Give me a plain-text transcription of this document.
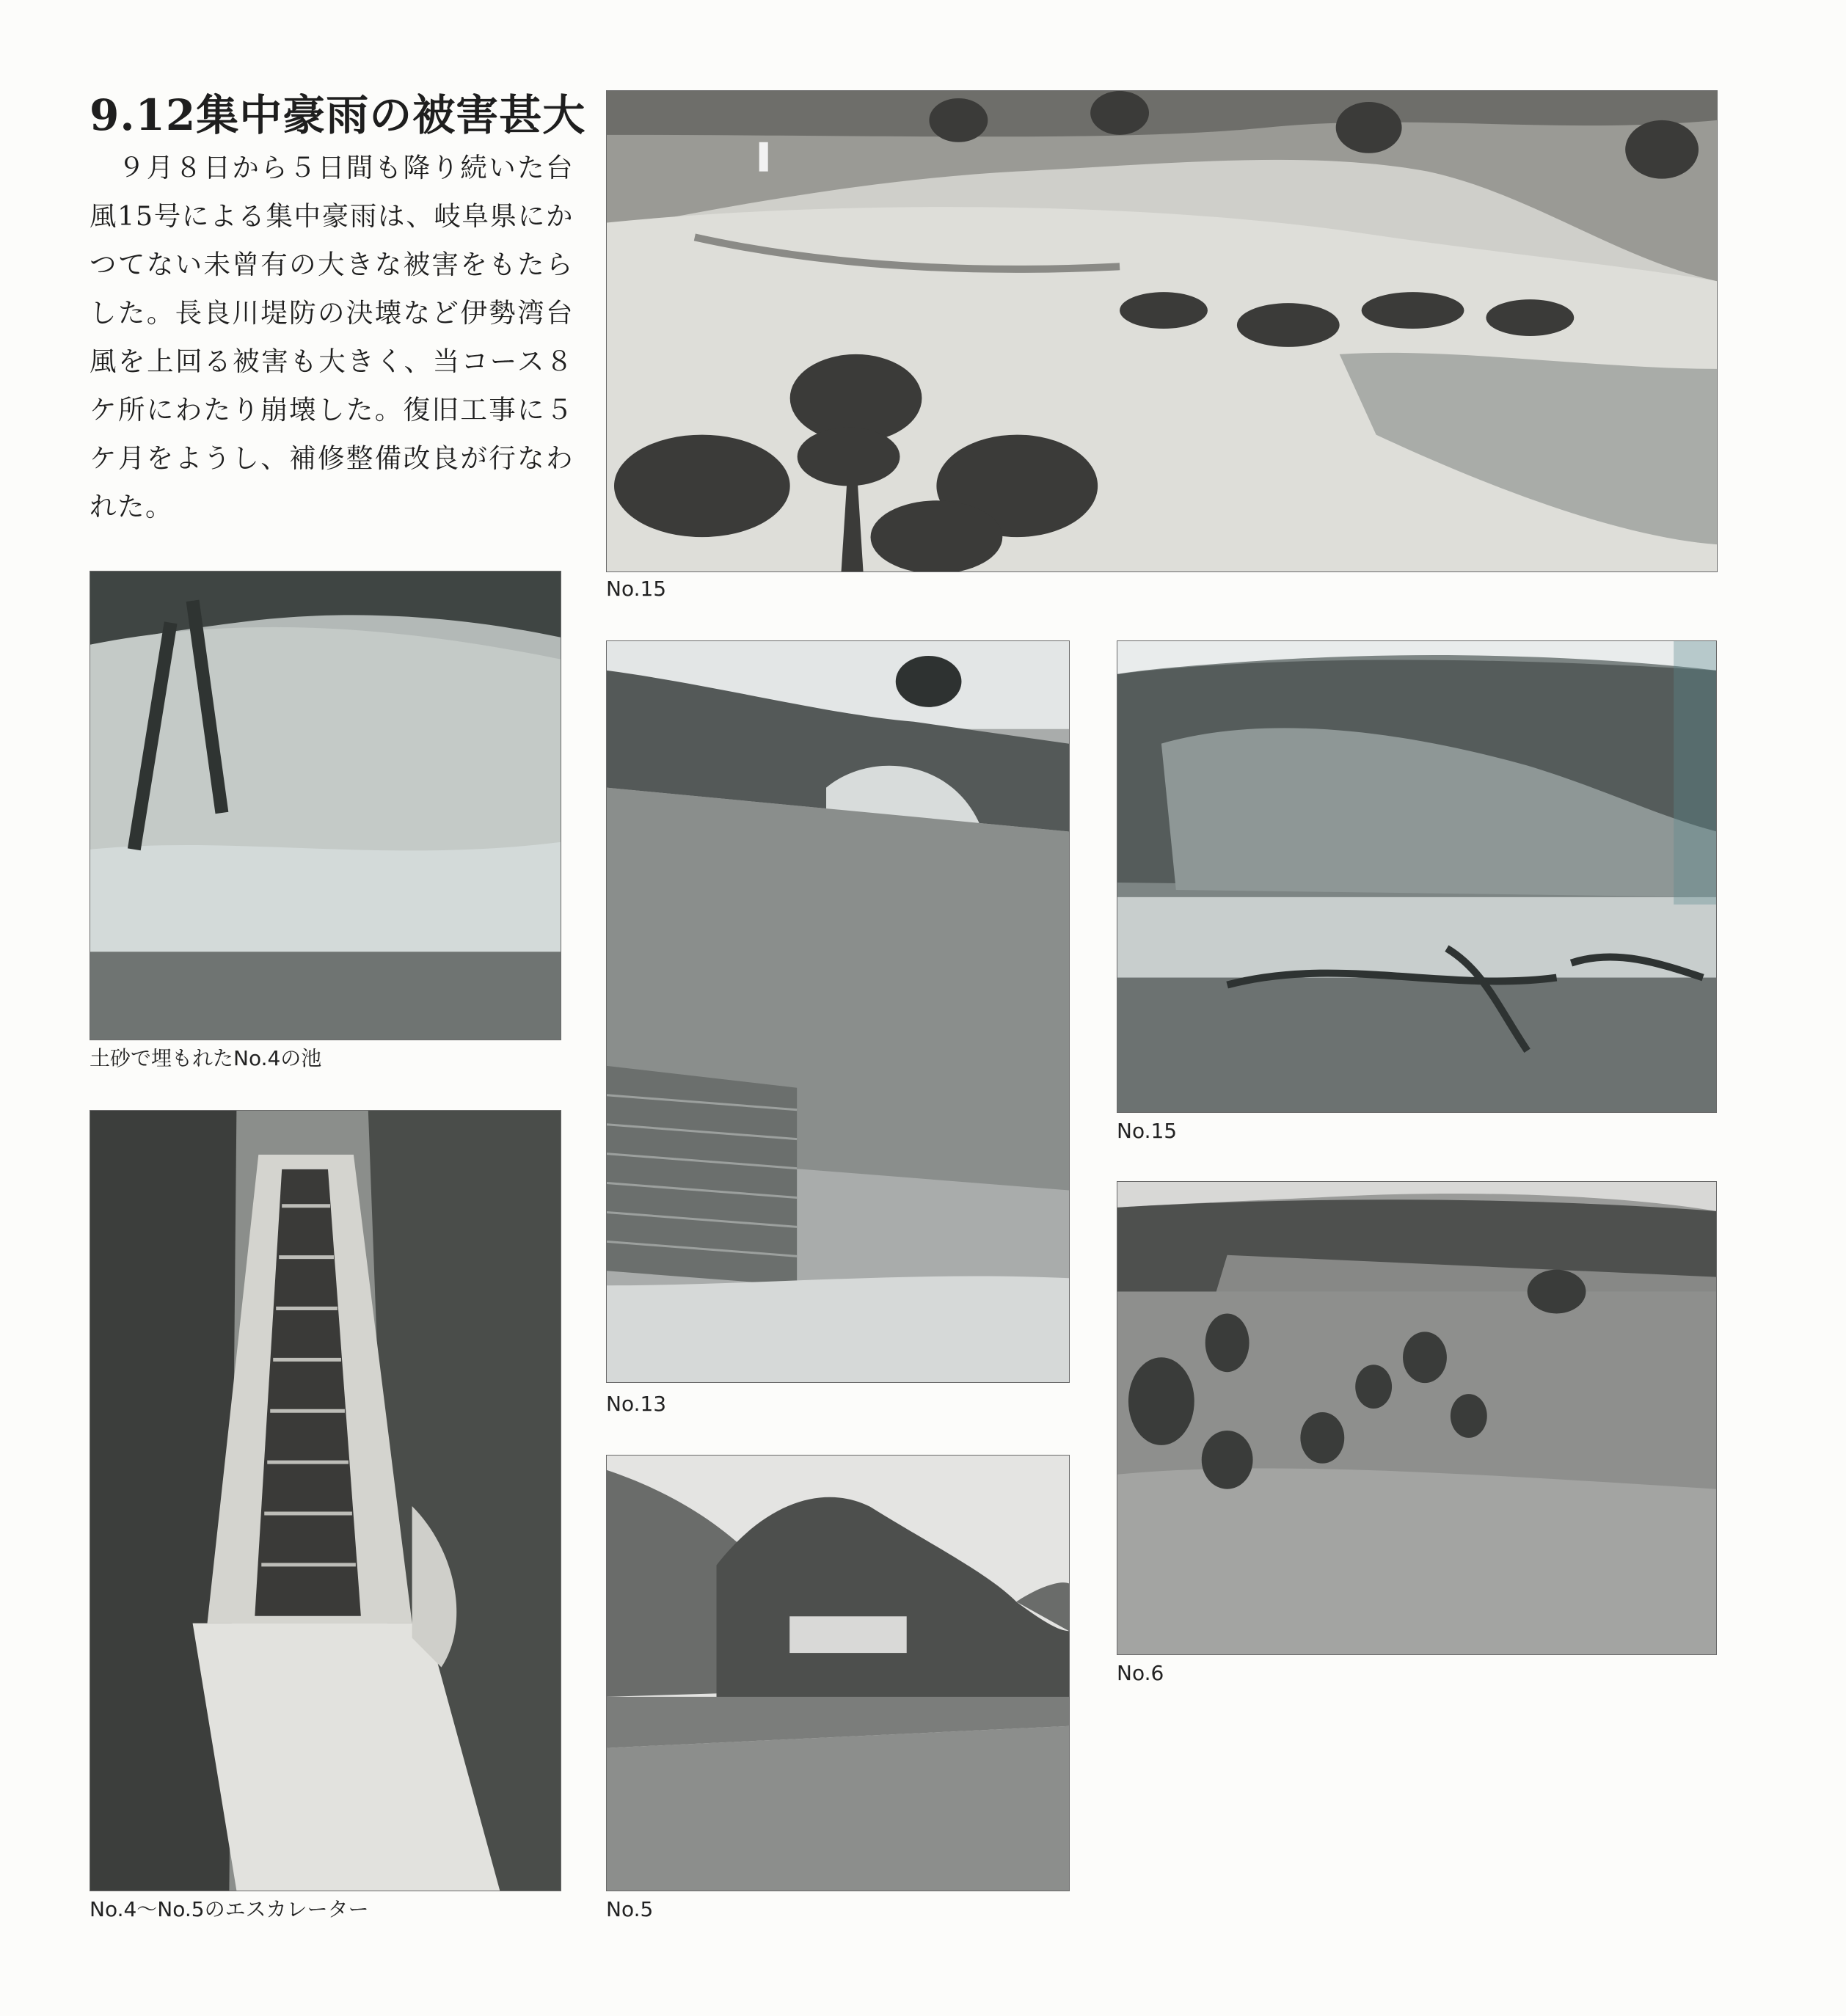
9.12集中豪雨の被害甚大

　９月８日から５日間も降り続いた台風15号による集中豪雨は、岐阜県にかつてない未曾有の大きな被害をもたらした。長良川堤防の決壊など伊勢湾台風を上回る被害も大きく、当コース８ケ所にわたり崩壊した。復旧工事に５ケ月をようし、補修整備改良が行なわれた。

No.15
土砂で埋もれたNo.4の池
No.4〜No.5のエスカレーター
No.13
No.5
No.15
No.6
